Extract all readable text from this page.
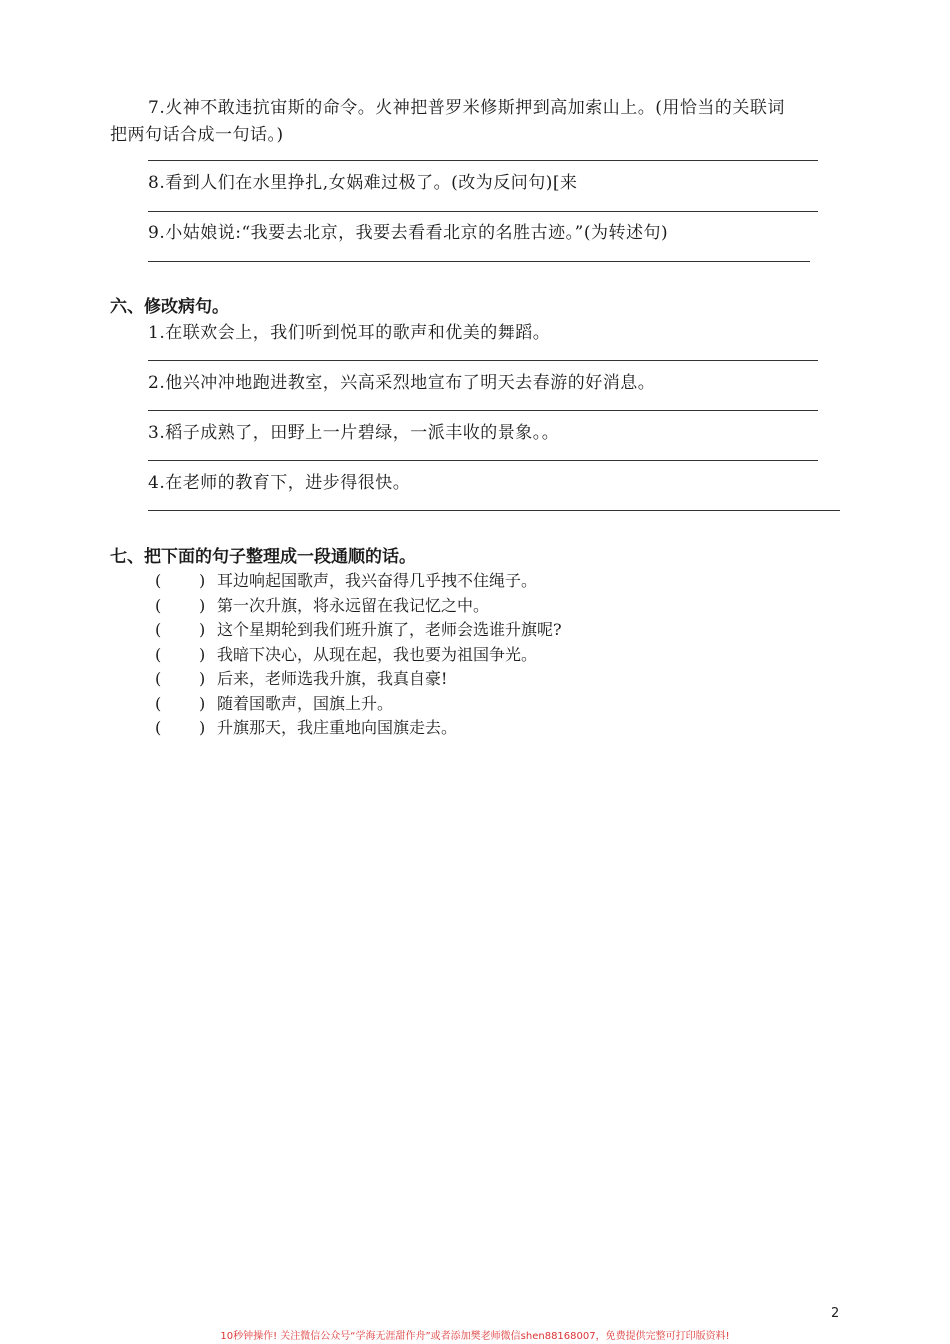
7.火神不敢违抗宙斯的命令。火神把普罗米修斯押到高加索山上。(用恰当的关联词
把两句话合成一句话。)
8.看到人们在水里挣扎,女娲难过极了。(改为反问句)[来
9.小姑娘说:“我要去北京，我要去看看北京的名胜古迹。”(为转述句)
六、修改病句。
1.在联欢会上，我们听到悦耳的歌声和优美的舞蹈。
2.他兴冲冲地跑进教室，兴高采烈地宣布了明天去春游的好消息。
3.稻子成熟了，田野上一片碧绿，一派丰收的景象。。
4.在老师的教育下，进步得很快。
七、把下面的句子整理成一段通顺的话。
( ) 耳边响起国歌声，我兴奋得几乎拽不住绳子。
( ) 第一次升旗，将永远留在我记忆之中。
( ) 这个星期轮到我们班升旗了，老师会选谁升旗呢?
( ) 我暗下决心，从现在起，我也要为祖国争光。
( ) 后来，老师选我升旗，我真自豪!
( ) 随着国歌声，国旗上升。
( ) 升旗那天，我庄重地向国旗走去。
2
10秒钟操作! 关注微信公众号“学海无涯甜作舟”或者添加樊老师微信shen88168007，免费提供完整可打印版资料!
